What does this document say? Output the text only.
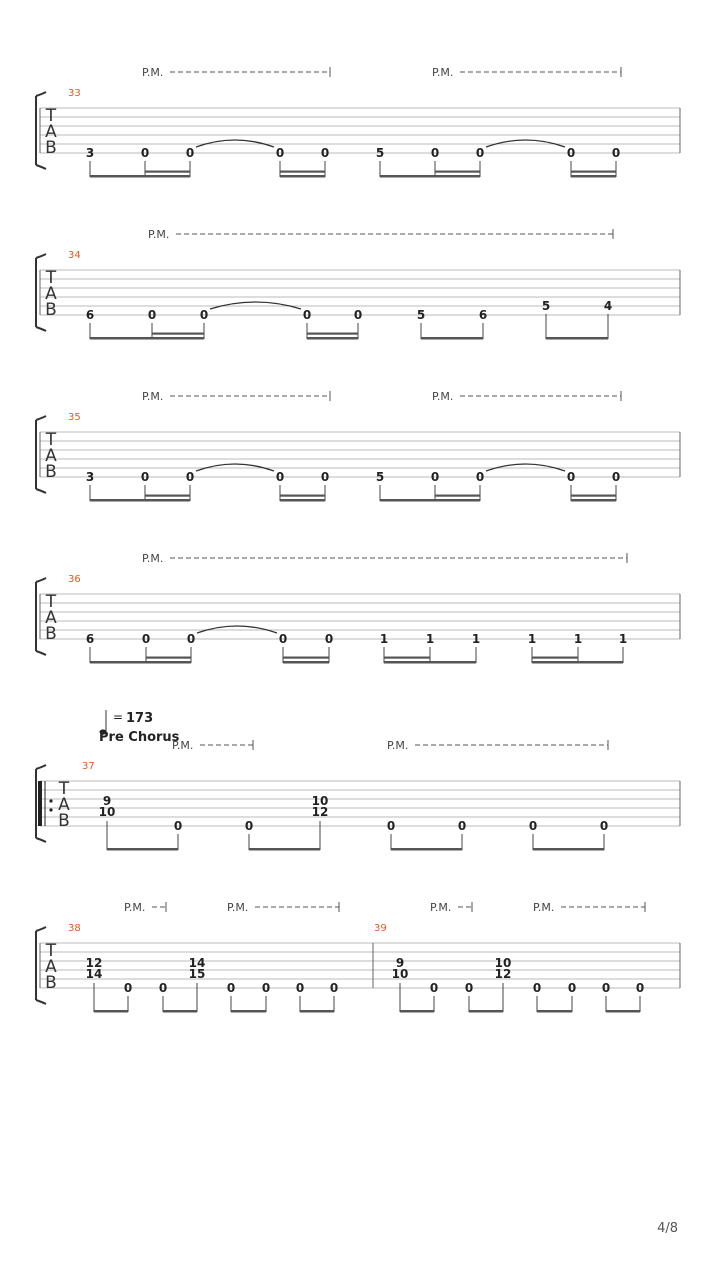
T
A
B
33
P.M.	P.M.
3	0	0	0	0	5	0	0	0	0
T
A
B
34
P.M.
6	0	0	0	0	5	6
5	4
T
A
B
35
P.M.	P.M.
3	0	0	0	0	5	0	0	0	0
T
A
B
36
P.M.
6	0	0	0	0	1	1	1	1	1	1
T
A
B
37
P.M.	P.M.
9
10
0	0
10
12
0	0	0	0
T
A
B
38	39
P.M.	P.M.	P.M.	P.M.
12
14
0 0
14
15
0 0 0 0
9
10
0 0
10
12
0 0 0 0
= 173
Pre Chorus
4/8
